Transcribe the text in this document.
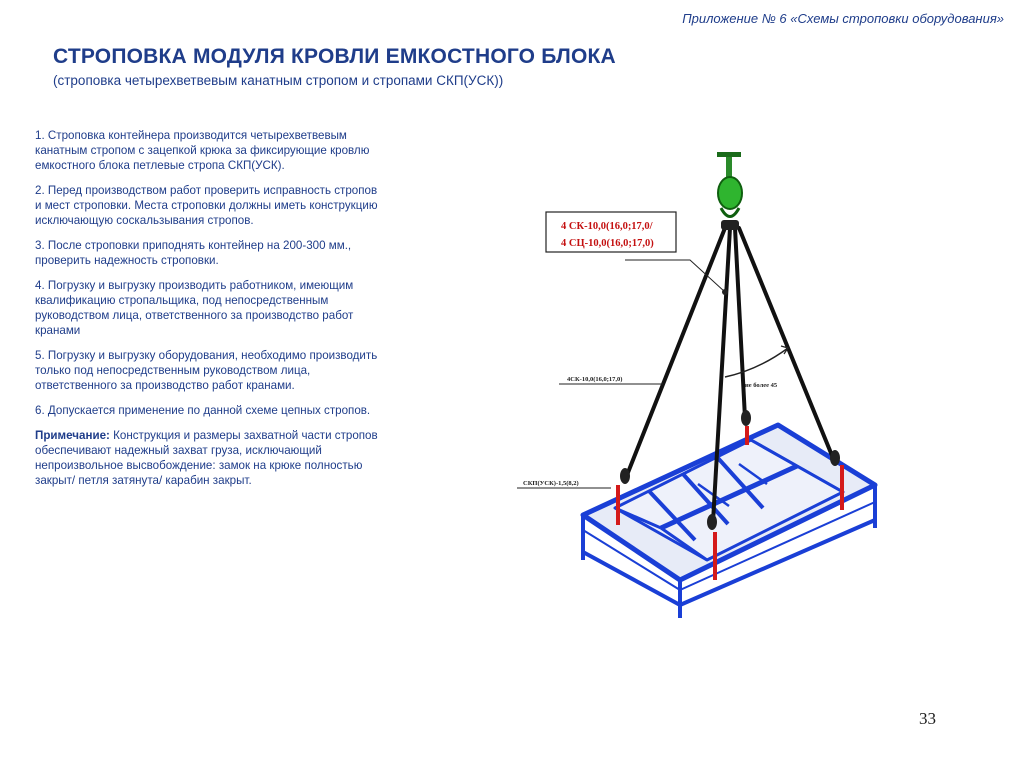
Приложение № 6 «Схемы строповки оборудования»
СТРОПОВКА МОДУЛЯ КРОВЛИ ЕМКОСТНОГО БЛОКА
(строповка четырехветвевым канатным стропом и стропами СКП(УСК))

1. Строповка контейнера производится четырехветвевым канатным стропом с зацепкой крюка за фиксирующие кровлю емкостного блока петлевые стропа СКП(УСК).

2. Перед производством работ проверить исправность стропов и мест строповки. Места строповки должны иметь конструкцию исключающую соскальзывания стропов.

3. После строповки приподнять контейнер на 200-300 мм., проверить надежность строповки.

4. Погрузку и выгрузку производить работником, имеющим квалификацию стропальщика, под непосредственным руководством лица, ответственного за производство работ кранами

5. Погрузку и выгрузку оборудования, необходимо производить только под непосредственным руководством лица, ответственного за производство работ кранами.

6. Допускается применение по данной схеме цепных стропов.

Примечание: Конструкция и размеры захватной части стропов обеспечивают надежный захват груза, исключающий непроизвольное высвобождение: замок на крюке полностью закрыт/ петля затянута/ карабин закрыт.

4 СК-10,0(16,0;17,0/
4 СЦ-10,0(16,0;17,0)
4СК-10,0(16,0;17,0)
не более 45
СКП(УСК)-1,5(8,2)
33
